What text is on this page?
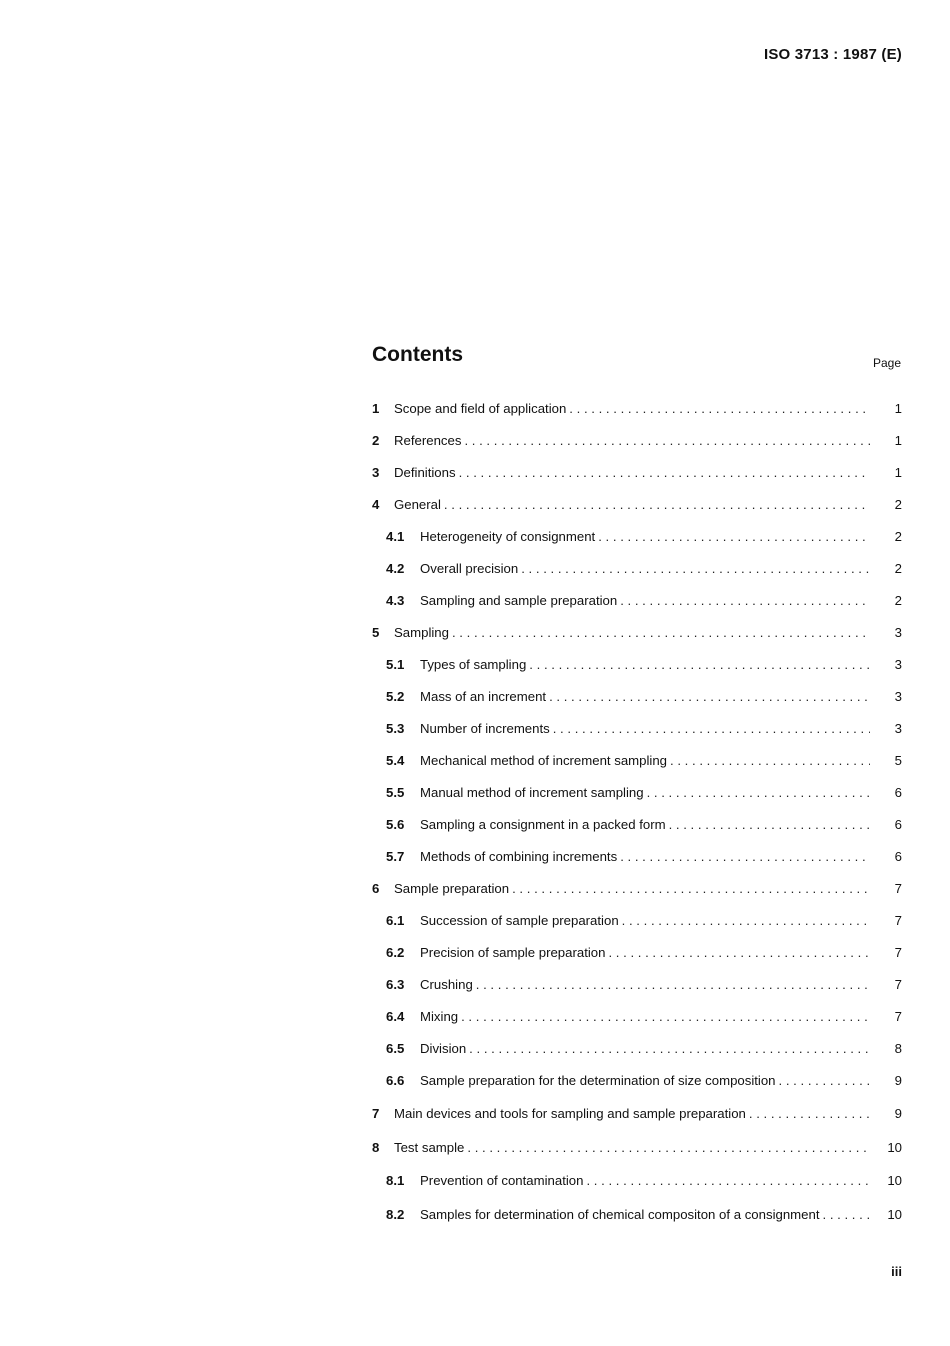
ISO 3713 : 1987 (E)
Contents	Page
1	Scope and field of application . . .	1
2	References . . .	1
3	Definitions . . .	1
4	General . . .	2
4.1	Heterogeneity of consignment . . .	2
4.2	Overall precision . . .	2
4.3	Sampling and sample preparation . . .	2
5	Sampling . . .	3
5.1	Types of sampling . . .	3
5.2	Mass of an increment . . .	3
5.3	Number of increments . . .	3
5.4	Mechanical method of increment sampling . . .	5
5.5	Manual method of increment sampling . . .	6
5.6	Sampling a consignment in a packed form . . .	6
5.7	Methods of combining increments . . .	6
6	Sample preparation . . .	7
6.1	Succession of sample preparation . . .	7
6.2	Precision of sample preparation . . .	7
6.3	Crushing . . .	7
6.4	Mixing . . .	7
6.5	Division . . .	8
6.6	Sample preparation for the determination of size composition . . .	9
7	Main devices and tools for sampling and sample preparation . . .	9
8	Test sample . . .	10
8.1	Prevention of contamination . . .	10
8.2	Samples for determination of chemical compositon of a consignment . . .	10
iii
